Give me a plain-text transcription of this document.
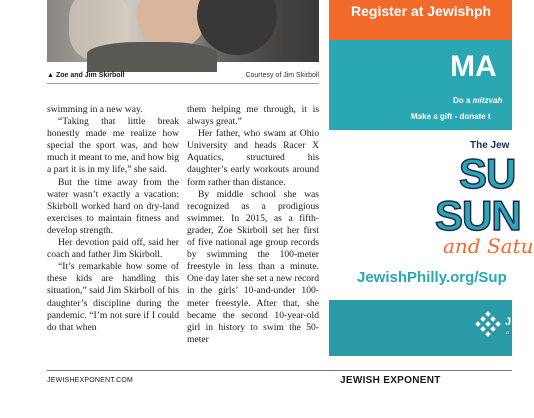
▲ Zoe and Jim Skirboll	Courtesy of Jim Skirboll

swimming in a new way.

“Taking that little break honestly made me realize how special the sport was, and how much it meant to me, and how big a part it is in my life,” she said.

But the time away from the water wasn’t exactly a vacation: Skirboll worked hard on dry-land exercises to maintain fitness and develop strength.

Her devotion paid off, said her coach and father Jim Skirboll.

“It’s remarkable how some of these kids are handling this situation,” said Jim Skirboll of his daughter’s discipline during the pandemic. “I’m not sure if I could do that when

them helping me through, it is always great.”

Her father, who swam at Ohio University and heads Racer X Aquatics, structured his daughter’s early workouts around form rather than distance.

By middle school she was recognized as a prodigious swimmer. In 2015, as a fifth-grader, Zoe Skirboll set her first of five national age group records by swimming the 100-meter freestyle in less than a minute. One day later she set a new record in the girls’ 10-and-under 100-meter freestyle. After that, she became the second 10-year-old girl in history to swim the 50-meter

Register at Jewishph
MA
Do a mitzvah
Make a gift - donate t
The Jew
SU
SUN
and Satu
JewishPhilly.org/Sup
J
O
JEWISHEXPONENT.COM	JEWISH EXPONENT
